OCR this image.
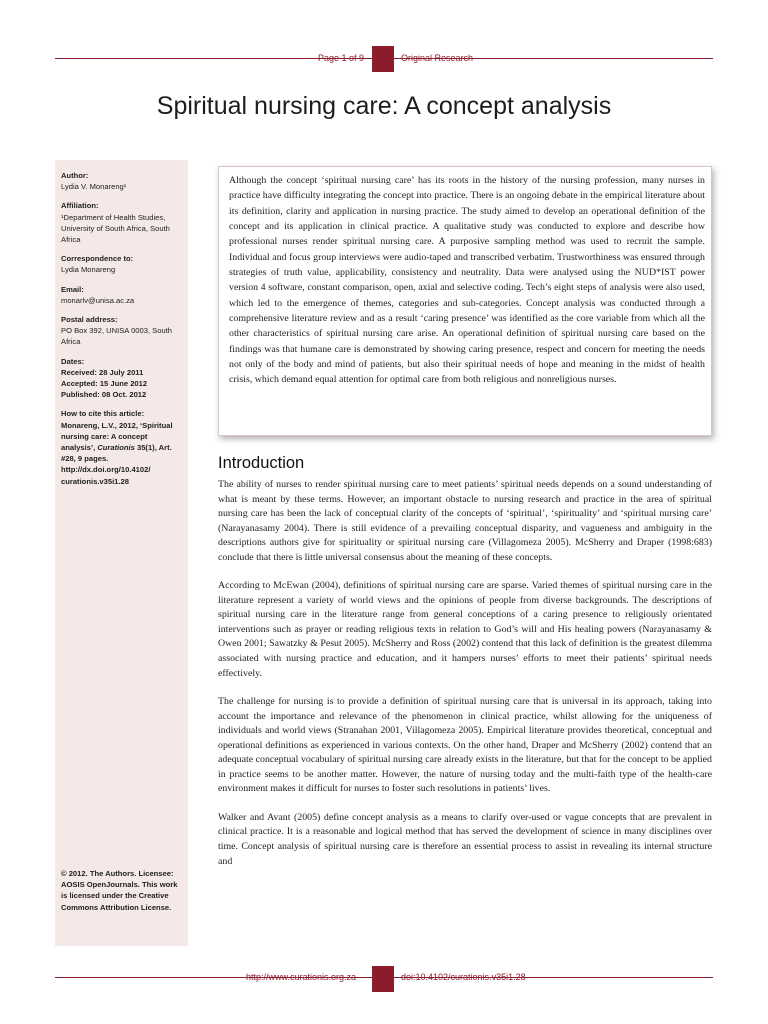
Page 1 of 9	Original Research
Spiritual nursing care: A concept analysis
Author:
Lydia V. Monareng¹
Affiliation:
¹Department of Health Studies, University of South Africa, South Africa
Correspondence to:
Lydia Monareng
Email:
monarlv@unisa.ac.za
Postal address:
PO Box 392, UNISA 0003, South Africa
Dates:
Received: 28 July 2011
Accepted: 15 June 2012
Published: 08 Oct. 2012
How to cite this article:
Monareng, L.V., 2012, ‘Spiritual nursing care: A concept analysis’, Curationis 35(1), Art. #28, 9 pages. http://dx.doi.org/10.4102/ curationis.v35i1.28
© 2012. The Authors. Licensee: AOSIS OpenJournals. This work is licensed under the Creative Commons Attribution License.

Although the concept ‘spiritual nursing care’ has its roots in the history of the nursing profession, many nurses in practice have difficulty integrating the concept into practice. There is an ongoing debate in the empirical literature about its definition, clarity and application in nursing practice. The study aimed to develop an operational definition of the concept and its application in clinical practice. A qualitative study was conducted to explore and describe how professional nurses render spiritual nursing care. A purposive sampling method was used to recruit the sample. Individual and focus group interviews were audio-taped and transcribed verbatim. Trustworthiness was ensured through strategies of truth value, applicability, consistency and neutrality. Data were analysed using the NUD*IST power version 4 software, constant comparison, open, axial and selective coding. Tech’s eight steps of analysis were also used, which led to the emergence of themes, categories and sub-categories. Concept analysis was conducted through a comprehensive literature review and as a result ‘caring presence’ was identified as the core variable from which all the other characteristics of spiritual nursing care arise. An operational definition of spiritual nursing care based on the findings was that humane care is demonstrated by showing caring presence, respect and concern for meeting the needs not only of the body and mind of patients, but also their spiritual needs of hope and meaning in the midst of health crisis, which demand equal attention for optimal care from both religious and nonreligious nurses.

Introduction

The ability of nurses to render spiritual nursing care to meet patients’ spiritual needs depends on a sound understanding of what is meant by these terms. However, an important obstacle to nursing research and practice in the area of spiritual nursing care has been the lack of conceptual clarity of the concepts of ‘spiritual’, ‘spirituality’ and ‘spiritual nursing care’ (Narayanasamy 2004). There is still evidence of a prevailing conceptual disparity, and vagueness and ambiguity in the descriptions authors give for spirituality or spiritual nursing care (Villagomeza 2005). McSherry and Draper (1998:683) conclude that there is little universal consensus about the meaning of these concepts.

According to McEwan (2004), definitions of spiritual nursing care are sparse. Varied themes of spiritual nursing care in the literature represent a variety of world views and the opinions of people from diverse backgrounds. The descriptions of spiritual nursing care in the literature range from general conceptions of a caring presence to religiously orientated interventions such as prayer or reading religious texts in relation to God’s will and His healing powers (Narayanasamy & Owen 2001; Sawatzky & Pesut 2005). McSherry and Ross (2002) contend that this lack of definition is the greatest dilemma associated with nursing practice and education, and it hampers nurses’ efforts to meet their patients’ spiritual needs effectively.

The challenge for nursing is to provide a definition of spiritual nursing care that is universal in its approach, taking into account the importance and relevance of the phenomenon in clinical practice, whilst allowing for the uniqueness of individuals and world views (Stranahan 2001, Villagomeza 2005). Empirical literature provides theoretical, conceptual and operational definitions as experienced in various contexts. On the other hand, Draper and McSherry (2002) contend that an adequate conceptual vocabulary of spiritual nursing care already exists in the literature, but that for the concept to be applied in practice seems to be another matter. However, the nature of nursing today and the multi-faith type of the health-care environment makes it difficult for nurses to foster such resolutions in patients’ lives.

Walker and Avant (2005) define concept analysis as a means to clarify over-used or vague concepts that are prevalent in clinical practice. It is a reasonable and logical method that has served the development of science in many disciplines over time. Concept analysis of spiritual nursing care is therefore an essential process to assist in revealing its internal structure and

http://www.curationis.org.za	doi:10.4102/curationis.v35i1.28
